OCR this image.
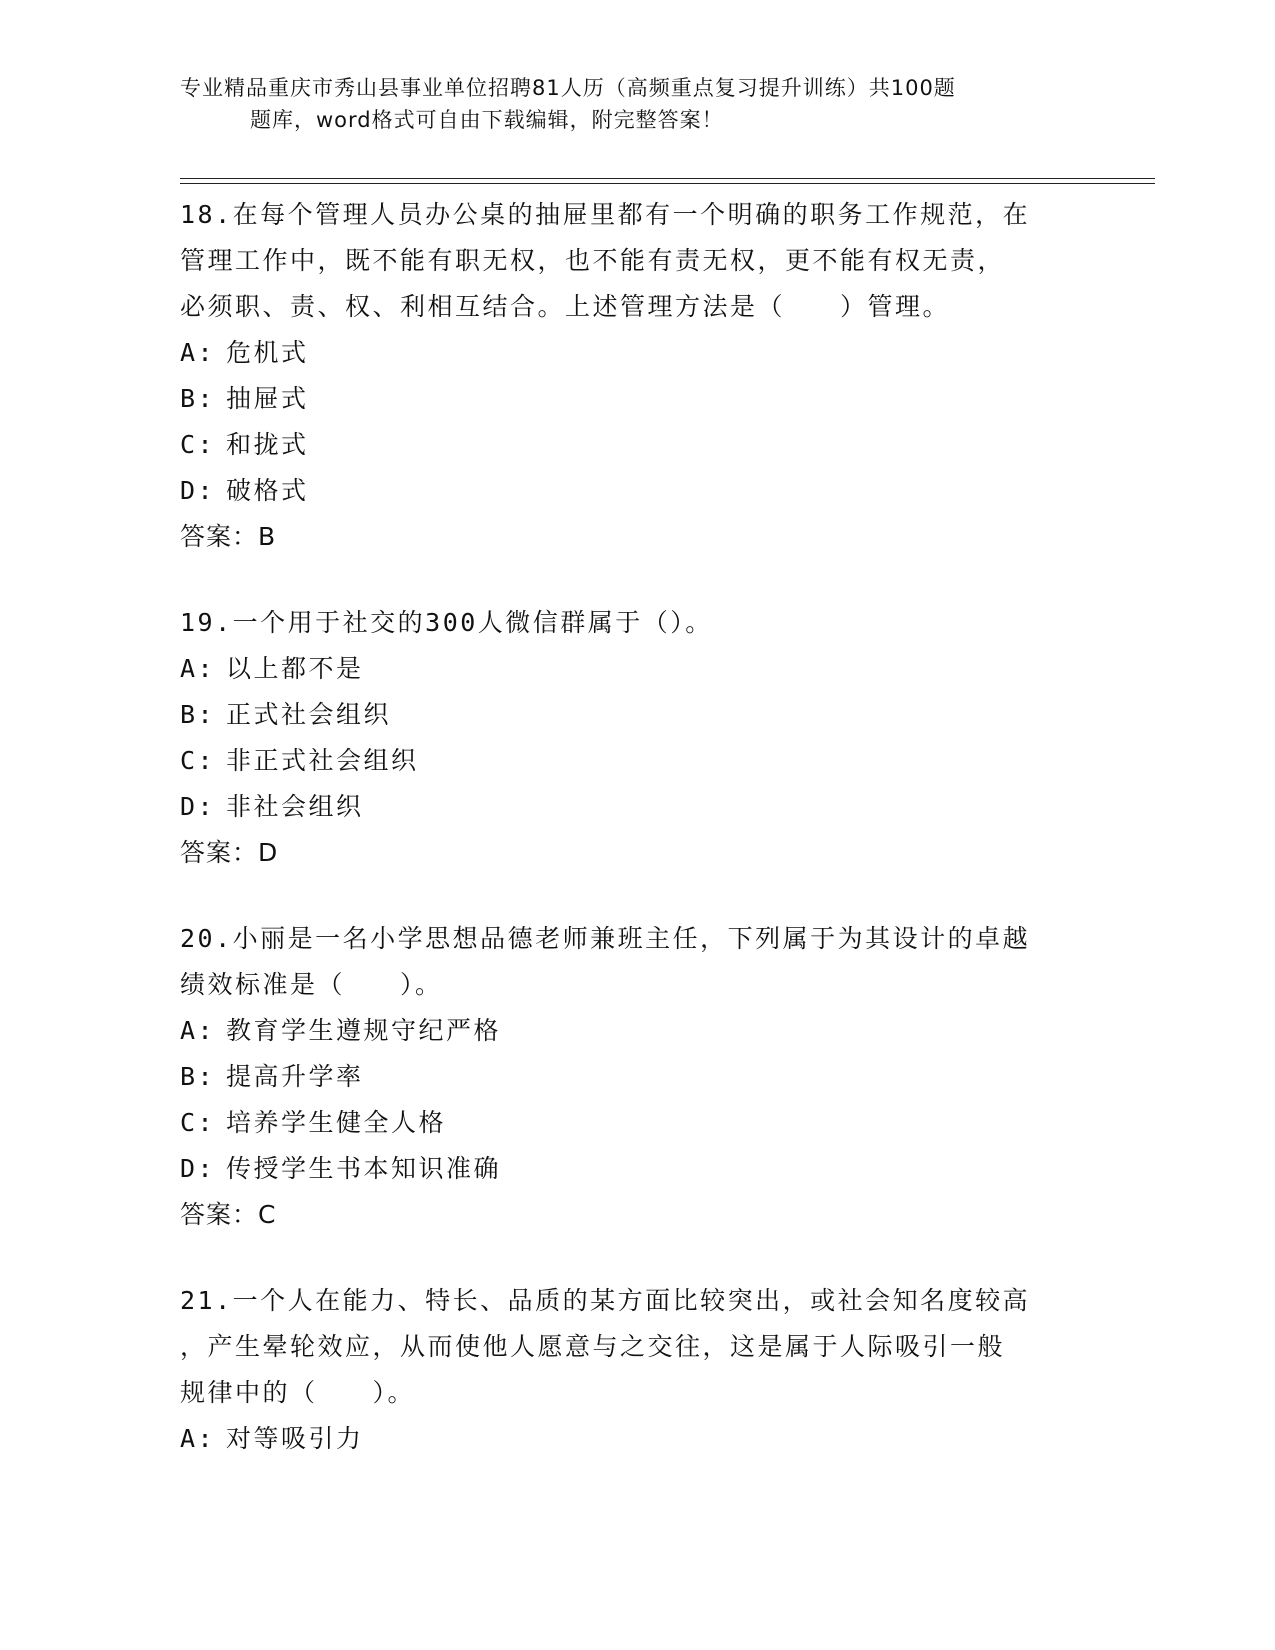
专业精品重庆市秀山县事业单位招聘81人历（高频重点复习提升训练）共100题
题库，word格式可自由下载编辑，附完整答案！

18.在每个管理人员办公桌的抽屉里都有一个明确的职务工作规范，在

管理工作中，既不能有职无权，也不能有责无权，更不能有权无责，

必须职、责、权、利相互结合。上述管理方法是（　　）管理。

A: 危机式
B: 抽屉式
C: 和拢式
D: 破格式
答案：B

19.一个用于社交的300人微信群属于（）。

A: 以上都不是
B: 正式社会组织
C: 非正式社会组织
D: 非社会组织
答案：D

20.小丽是一名小学思想品德老师兼班主任，下列属于为其设计的卓越

绩效标准是（　　）。

A: 教育学生遵规守纪严格
B: 提高升学率
C: 培养学生健全人格
D: 传授学生书本知识准确
答案：C

21.一个人在能力、特长、品质的某方面比较突出，或社会知名度较高

，产生晕轮效应，从而使他人愿意与之交往，这是属于人际吸引一般

规律中的（　　）。

A: 对等吸引力
